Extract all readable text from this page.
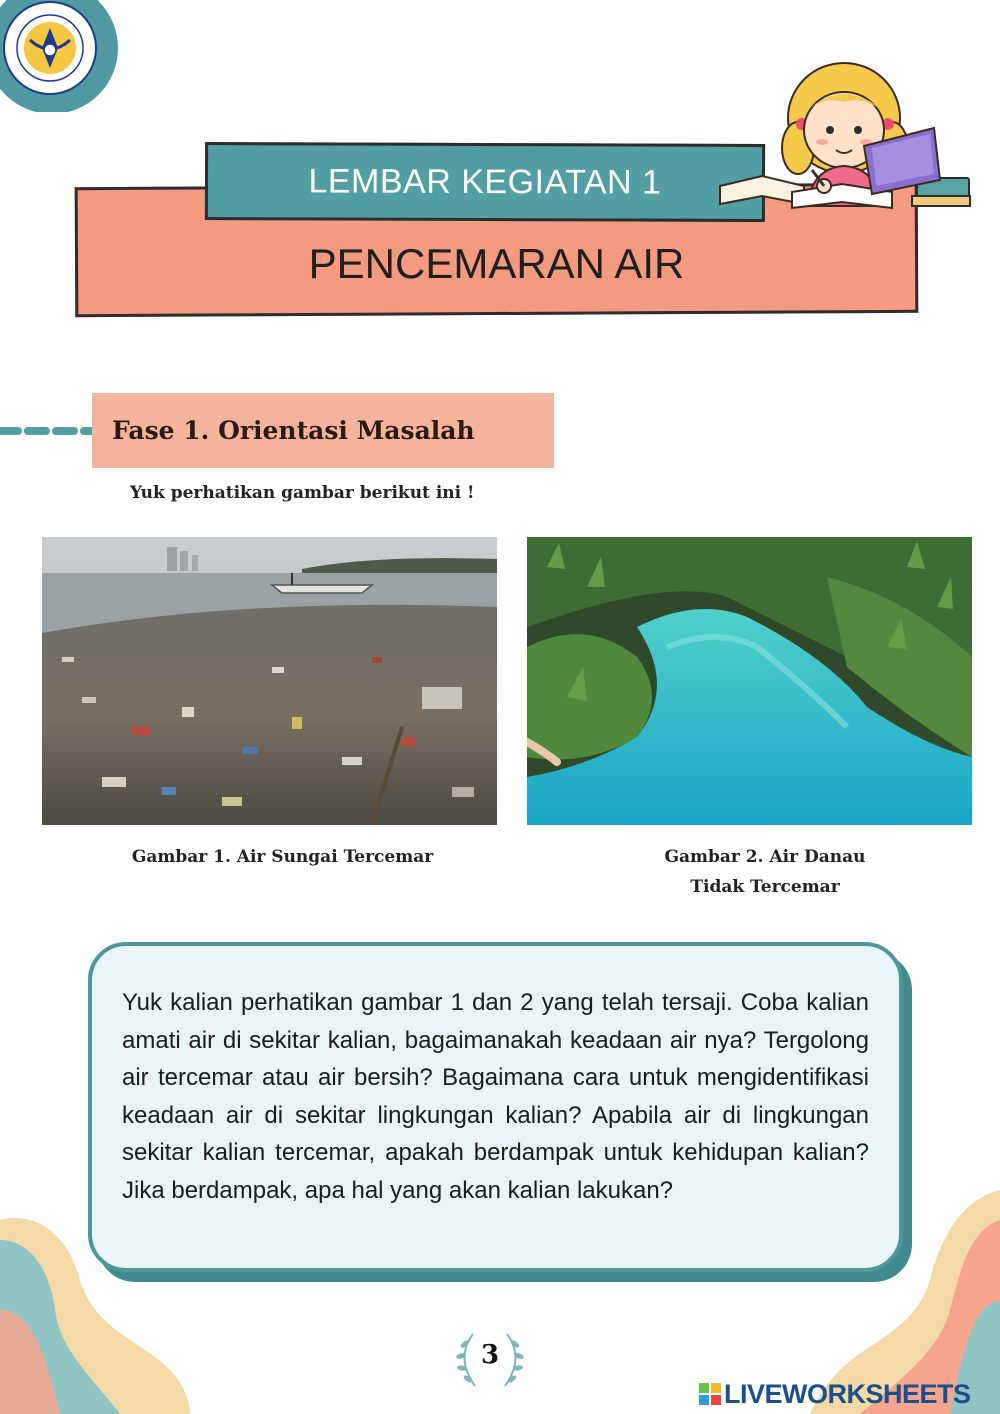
PENCEMARAN AIR
LEMBAR KEGIATAN 1
Fase 1. Orientasi Masalah
Yuk perhatikan gambar berikut ini !
Gambar 1. Air Sungai Tercemar	Gambar 2. Air Danau
Tidak Tercemar

Yuk kalian perhatikan gambar 1 dan 2 yang telah tersaji. Coba kalian amati air di sekitar kalian, bagaimanakah keadaan air nya? Tergolong air tercemar atau air bersih? Bagaimana cara untuk mengidentifikasi keadaan air di sekitar lingkungan kalian? Apabila air di lingkungan sekitar kalian tercemar, apakah berdampak untuk kehidupan kalian? Jika berdampak, apa hal yang akan kalian lakukan?

3
LIVEWORKSHEETS
